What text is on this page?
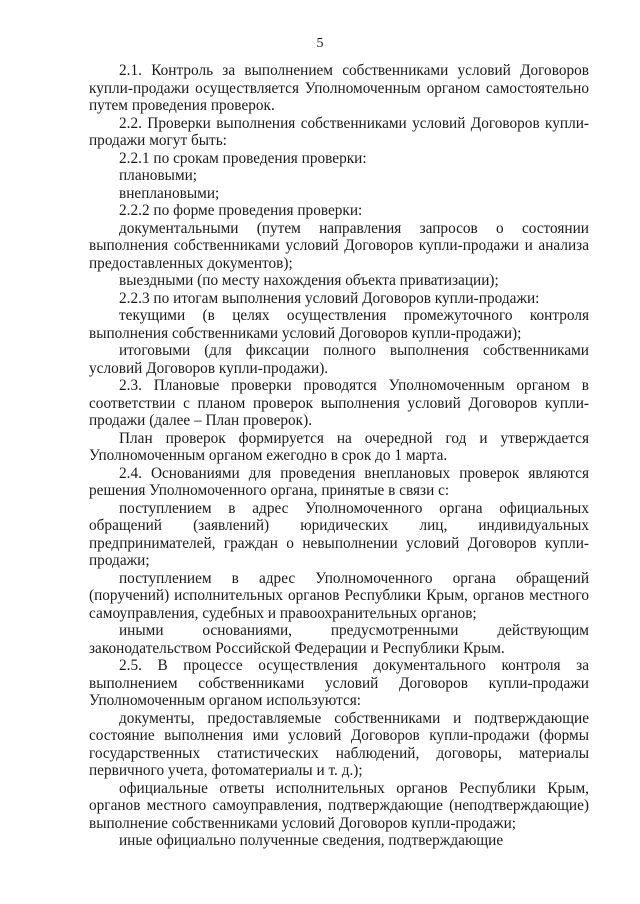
5

2.1. Контроль за выполнением собственниками условий Договоров купли-продажи осуществляется Уполномоченным органом самостоятельно путем проведения проверок.

2.2. Проверки выполнения собственниками условий Договоров купли-продажи могут быть:

2.2.1 по срокам проведения проверки:

плановыми;

внеплановыми;

2.2.2 по форме проведения проверки:

документальными (путем направления запросов о состоянии выполнения собственниками условий Договоров купли-продажи и анализа предоставленных документов);

выездными (по месту нахождения объекта приватизации);

2.2.3 по итогам выполнения условий Договоров купли-продажи:

текущими (в целях осуществления промежуточного контроля выполнения собственниками условий Договоров купли-продажи);

итоговыми (для фиксации полного выполнения собственниками условий Договоров купли-продажи).

2.3. Плановые проверки проводятся Уполномоченным органом в соответствии с планом проверок выполнения условий Договоров купли-продажи (далее – План проверок).

План проверок формируется на очередной год и утверждается Уполномоченным органом ежегодно в срок до 1 марта.

2.4. Основаниями для проведения внеплановых проверок являются решения Уполномоченного органа, принятые в связи с:

поступлением в адрес Уполномоченного органа официальных обращений (заявлений) юридических лиц, индивидуальных предпринимателей, граждан о невыполнении условий Договоров купли-продажи;

поступлением в адрес Уполномоченного органа обращений (поручений) исполнительных органов Республики Крым, органов местного самоуправления, судебных и правоохранительных органов;

иными основаниями, предусмотренными действующим законодательством Российской Федерации и Республики Крым.

2.5. В процессе осуществления документального контроля за выполнением собственниками условий Договоров купли-продажи Уполномоченным органом используются:

документы, предоставляемые собственниками и подтверждающие состояние выполнения ими условий Договоров купли-продажи (формы государственных статистических наблюдений, договоры, материалы первичного учета, фотоматериалы и т. д.);

официальные ответы исполнительных органов Республики Крым, органов местного самоуправления, подтверждающие (неподтверждающие) выполнение собственниками условий Договоров купли-продажи;

иные официально полученные сведения, подтверждающие
